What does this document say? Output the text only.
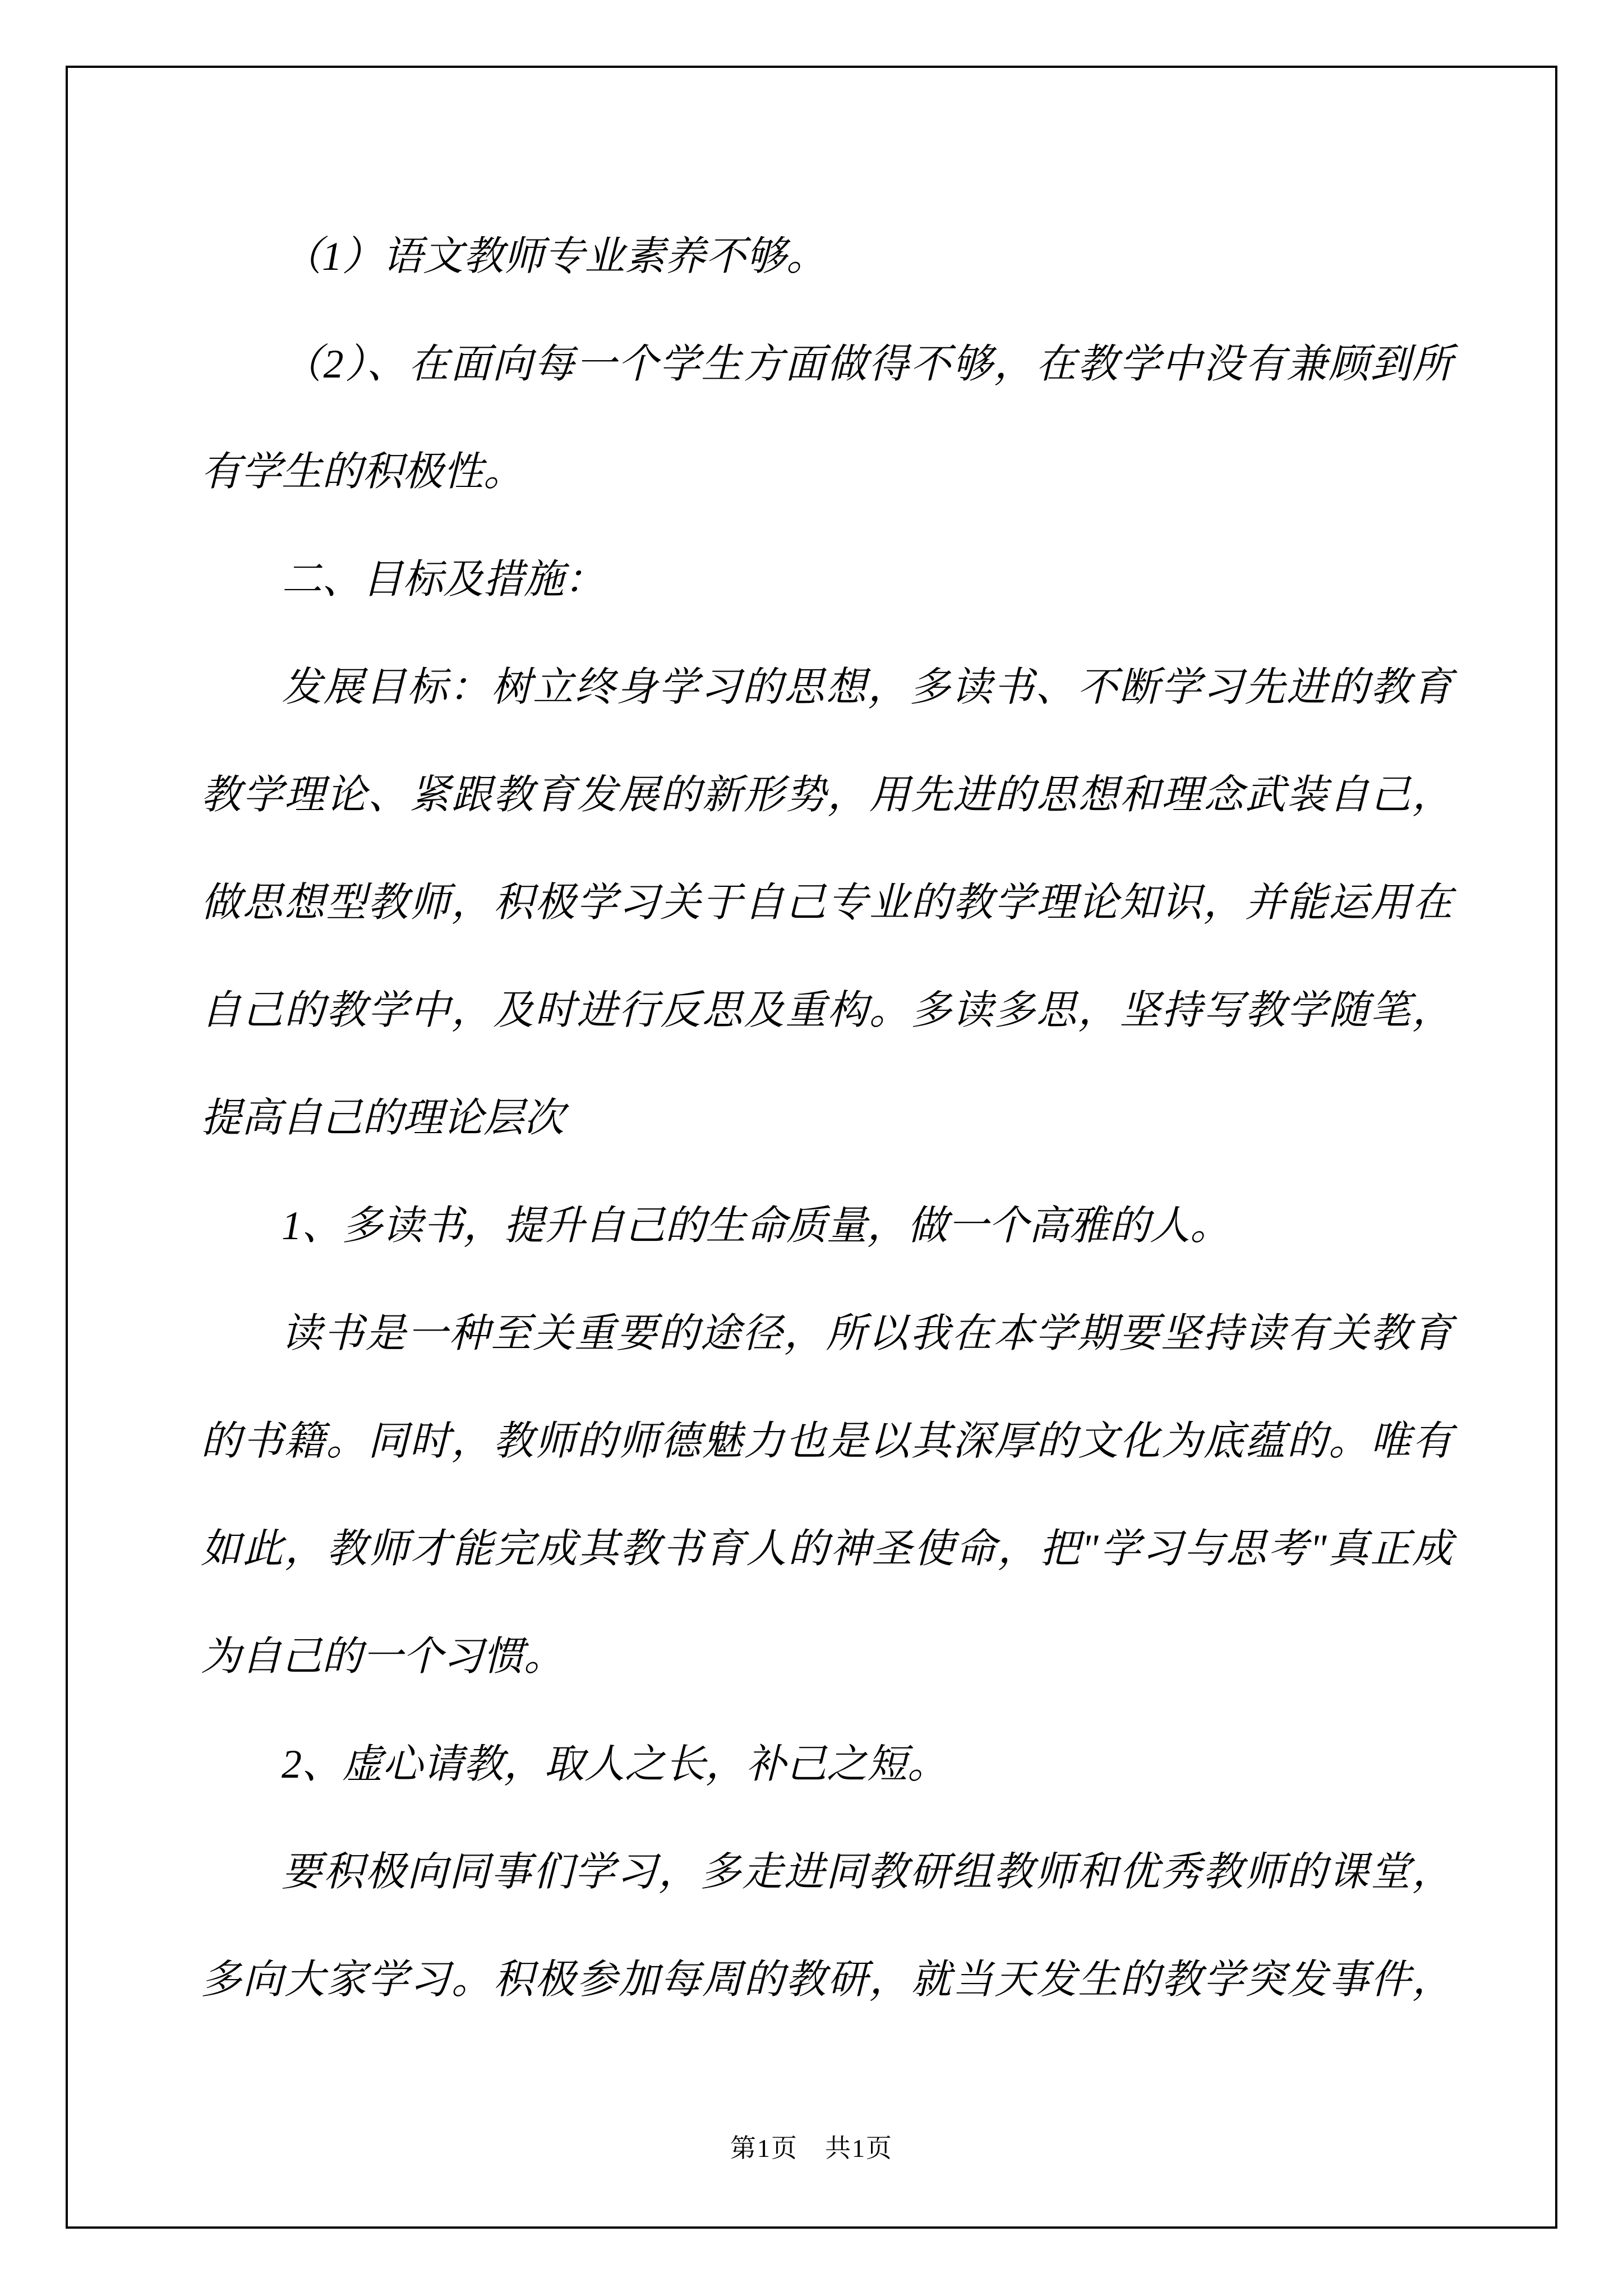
（1）语文教师专业素养不够。
（2）、在面向每一个学生方面做得不够，在教学中没有兼顾到所
有学生的积极性。
二、目标及措施：
发展目标：树立终身学习的思想，多读书、不断学习先进的教育
教学理论、紧跟教育发展的新形势，用先进的思想和理念武装自己，
做思想型教师，积极学习关于自己专业的教学理论知识，并能运用在
自己的教学中，及时进行反思及重构。多读多思，坚持写教学随笔，
提高自己的理论层次
1、多读书，提升自己的生命质量，做一个高雅的人。
读书是一种至关重要的途径，所以我在本学期要坚持读有关教育
的书籍。同时，教师的师德魅力也是以其深厚的文化为底蕴的。唯有
如此，教师才能完成其教书育人的神圣使命，把"学习与思考"真正成
为自己的一个习惯。
2、虚心请教，取人之长，补己之短。
要积极向同事们学习，多走进同教研组教师和优秀教师的课堂，
多向大家学习。积极参加每周的教研，就当天发生的教学突发事件，
第1页　共1页
